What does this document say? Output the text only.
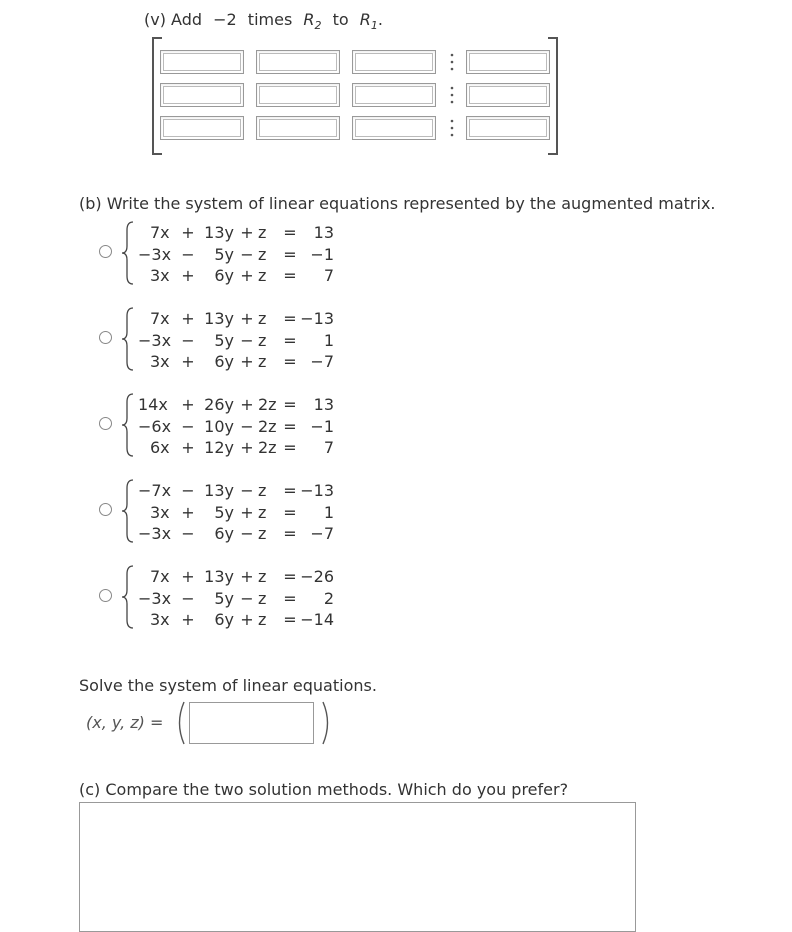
(v) Add −2 times $R_2$ to $R_1$.
(b) Write the system of linear equations represented by the augmented matrix.
7x + 13y + z =	13
−3x −	5y − z = −1
3x +	6y + z =	7
7x + 13y + z = −13
−3x −	5y − z =	1
3x +	6y + z = −7
14x + 26y + 2z =	13
−6x − 10y − 2z = −1
6x + 12y + 2z =	7
−7x − 13y − z = −13
3x +	5y + z =	1
−3x −	6y − z = −7
7x + 13y + z = −26
−3x −	5y − z =	2
3x +	6y + z = −14
Solve the system of linear equations.
(x, y, z) =
(c) Compare the two solution methods. Which do you prefer?
